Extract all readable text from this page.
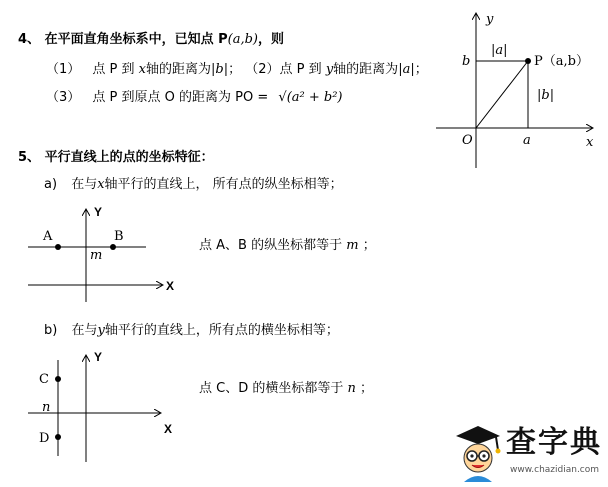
4、 在平面直角坐标系中，已知点 P(a,b)，则
（1） 点 P 到 x轴的距离为|b|； （2）点 P 到 y轴的距离为|a|；
（3） 点 P 到原点 O 的距离为 PO = √(a² + b²)
y
x
O
b
a
|a|
|b|
P（a,b）
5、 平行直线上的点的坐标特征：
a) 在与x轴平行的直线上， 所有点的纵坐标相等；
Y
X
A	B
m
点 A、B 的纵坐标都等于 m ；
b) 在与y轴平行的直线上，所有点的横坐标相等；
Y
X
C
D
n
点 C、D 的横坐标都等于 n ；
查字典
www.chazidian.com
